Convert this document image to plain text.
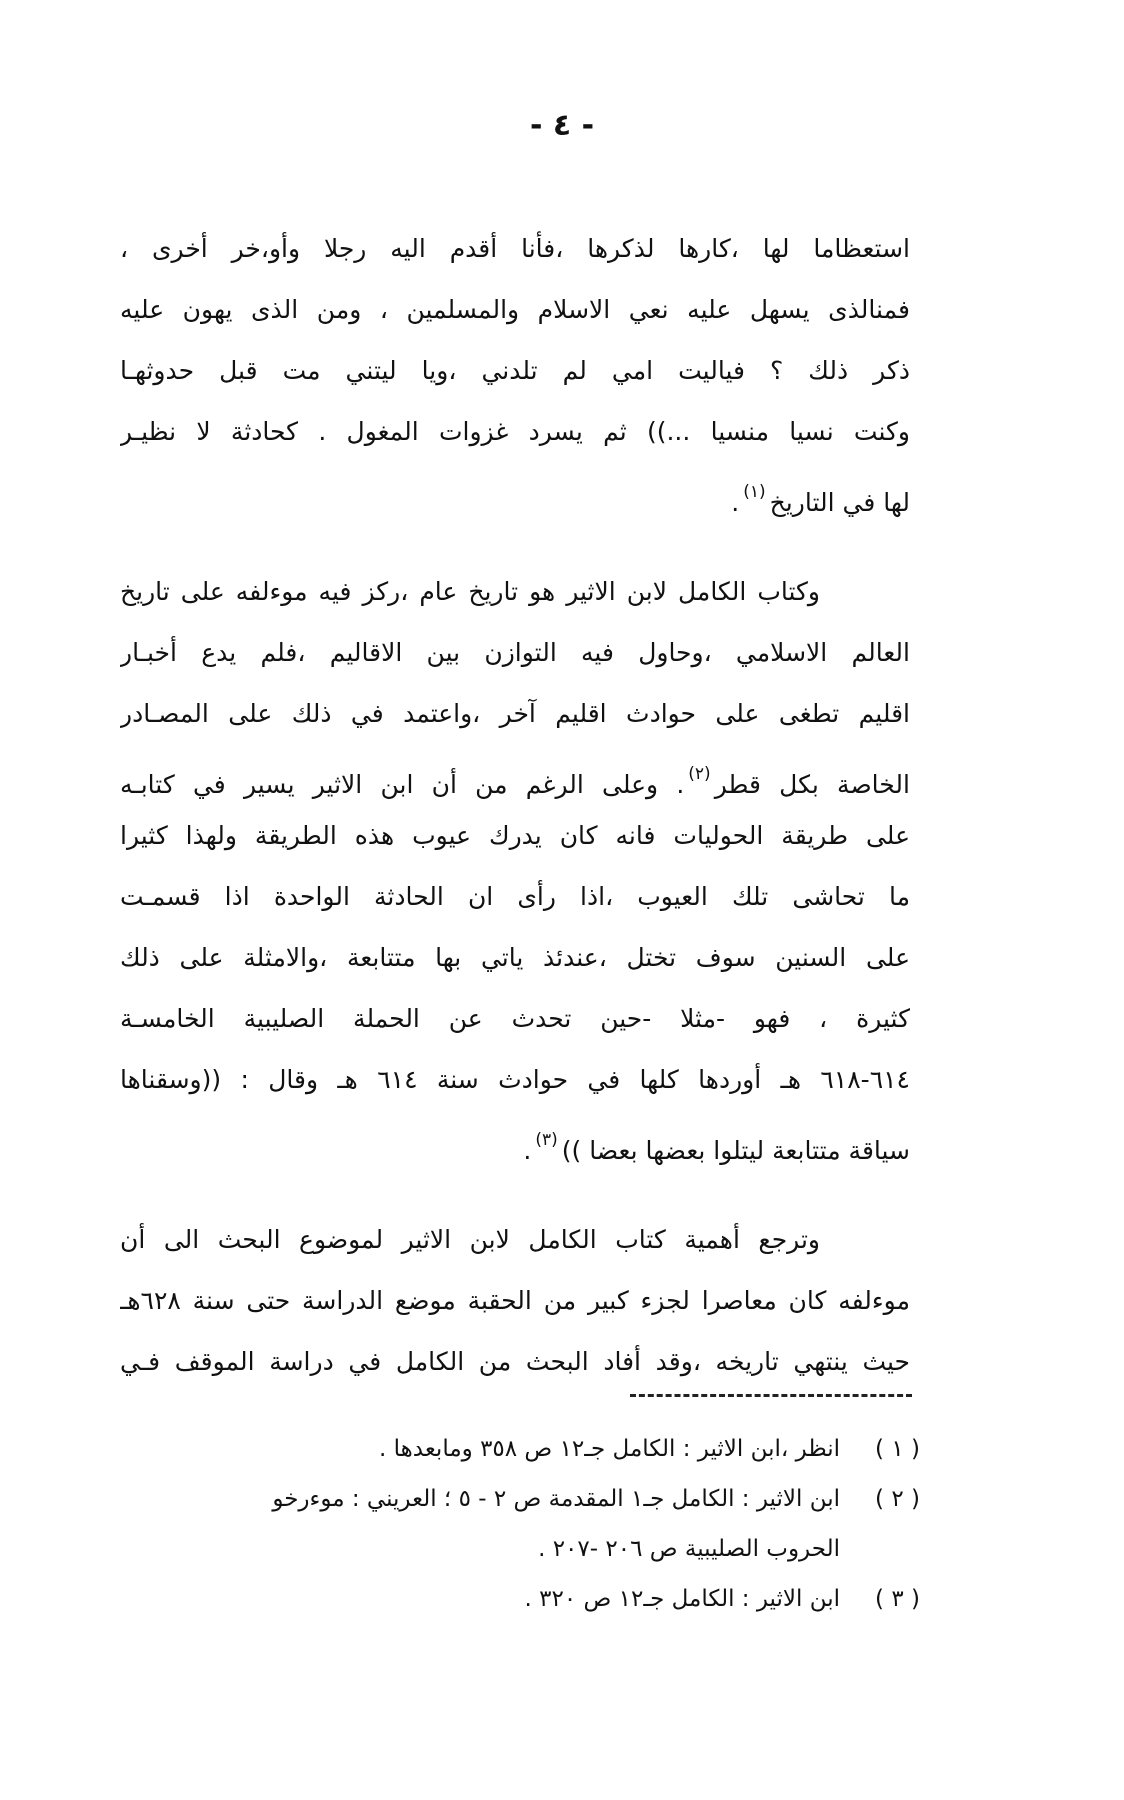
- ٤ -
استعظاما لها ،كارها لذكرها ،فأنا أقدم اليه رجلا وأو،خر أخرى ،
فمنالذى يسهل عليه نعي الاسلام والمسلمين ، ومن الذى يهون عليه
ذكر ذلك ؟ فياليت امي لم تلدني ،ويا ليتني مت قبل حدوثهـا
وكنت نسيا منسيا ...)) ثم يسرد غزوات المغول . كحادثة لا نظيـر
لها في التاريخ$^{(١)}$.
وكتاب الكامل لابن الاثير هو تاريخ عام ،ركز فيه موءلفه على تاريخ
العالم الاسلامي ،وحاول فيه التوازن بين الاقاليم ،فلم يدع أخبـار
اقليم تطغى على حوادث اقليم آخر ،واعتمد في ذلك على المصـادر
الخاصة بكل قطر$^{(٢)}$. وعلى الرغم من أن ابن الاثير يسير في كتابـه
على طريقة الحوليات فانه كان يدرك عيوب هذه الطريقة ولهذا كثيرا
ما تحاشى تلك العيوب ،اذا رأى ان الحادثة الواحدة اذا قسمـت
على السنين سوف تختل ،عندئذ ياتي بها متتابعة ،والامثلة على ذلك
كثيرة ، فهو -مثلا -حين تحدث عن الحملة الصليبية الخامسـة
٦١٤-٦١٨ هـ أوردها كلها في حوادث سنة ٦١٤ هـ وقال : ((وسقناها
سياقة متتابعة ليتلوا بعضها بعضا ))$^{(٣)}$.
وترجع أهمية كتاب الكامل لابن الاثير لموضوع البحث الى أن
موءلفه كان معاصرا لجزء كبير من الحقبة موضع الدراسة حتى سنة ٦٢٨هـ
حيث ينتهي تاريخه ،وقد أفاد البحث من الكامل في دراسة الموقف فـي
( ١ )
انظر ،ابن الاثير : الكامل جـ١٢ ص ٣٥٨ ومابعدها .
( ٢ )
ابن الاثير : الكامل جـ١ المقدمة ص ٢ - ٥ ؛ العريني : موءرخو
الحروب الصليبية ص ٢٠٦ -٢٠٧ .
( ٣ )
ابن الاثير : الكامل جـ١٢ ص ٣٢٠ .
